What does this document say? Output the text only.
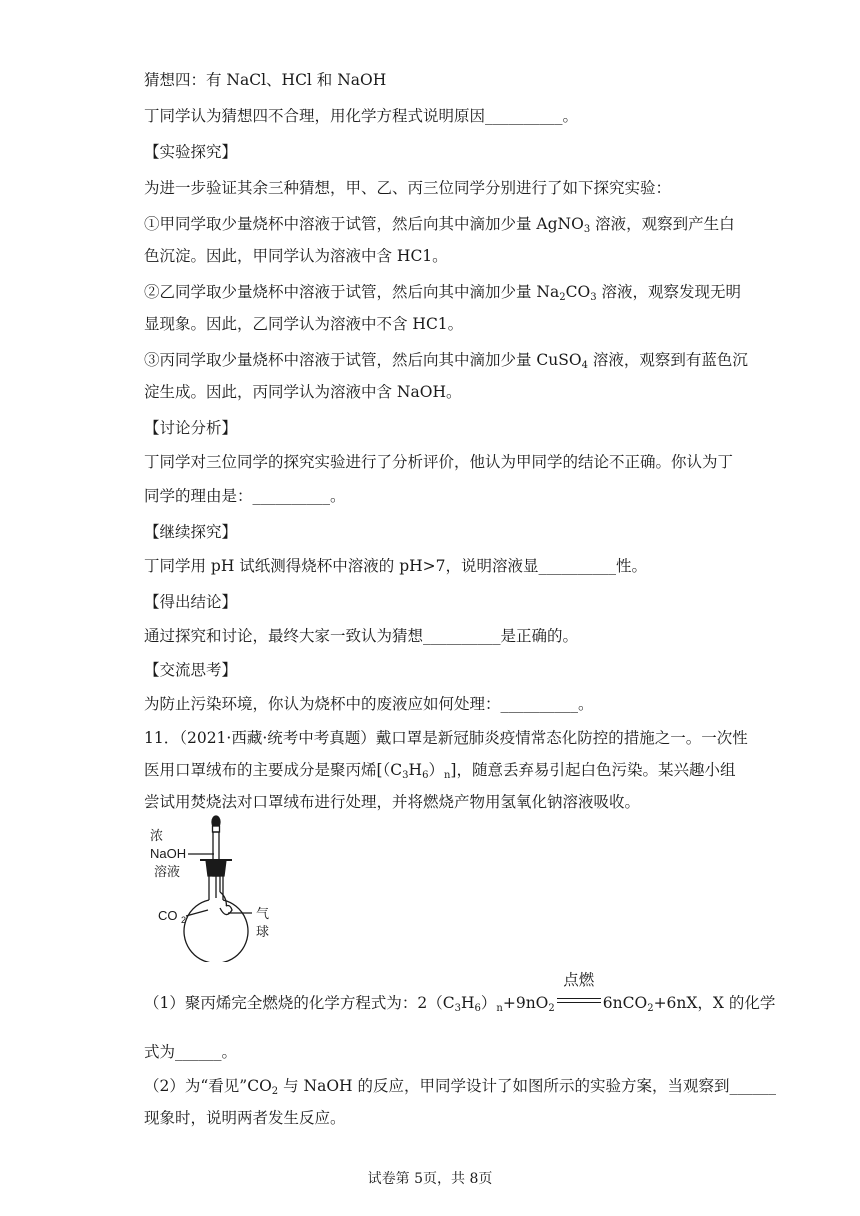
猜想四：有 NaCl、HCl 和 NaOH
丁同学认为猜想四不合理，用化学方程式说明原因__________。
【实验探究】
为进一步验证其余三种猜想，甲、乙、丙三位同学分别进行了如下探究实验：
①甲同学取少量烧杯中溶液于试管，然后向其中滴加少量 AgNO$_3$ 溶液，观察到产生白
色沉淀。因此，甲同学认为溶液中含 HC1。
②乙同学取少量烧杯中溶液于试管，然后向其中滴加少量 $Na_2CO_3$ 溶液，观察发现无明
显现象。因此，乙同学认为溶液中不含 HC1。
③丙同学取少量烧杯中溶液于试管，然后向其中滴加少量 CuSO$_4$ 溶液，观察到有蓝色沉
淀生成。因此，丙同学认为溶液中含 NaOH。
【讨论分析】
丁同学对三位同学的探究实验进行了分析评价，他认为甲同学的结论不正确。你认为丁
同学的理由是：__________。
【继续探究】
丁同学用 pH 试纸测得烧杯中溶液的 pH>7，说明溶液显__________性。
【得出结论】
通过探究和讨论，最终大家一致认为猜想__________是正确的。
【交流思考】
为防止污染环境，你认为烧杯中的废液应如何处理：__________。
11．（2021·西藏·统考中考真题）戴口罩是新冠肺炎疫情常态化防控的措施之一。一次性
医用口罩绒布的主要成分是聚丙烯$[(C_3H_6)_n]$，随意丢弃易引起白色污染。某兴趣小组
尝试用焚烧法对口罩绒布进行处理，并将燃烧产物用氢氧化钠溶液吸收。
浓
NaOH
溶液
CO 2	气
球
（1）聚丙烯完全燃烧的化学方程式为：$2(C_3H_6)_n+9nO_2$
点燃
6nCO$_2$+6nX，X 的化学
式为______。
（2）为“看见$”CO_2$ 与 NaOH 的反应，甲同学设计了如图所示的实验方案，当观察到______
现象时，说明两者发生反应。
试卷第 5页，共 8页
